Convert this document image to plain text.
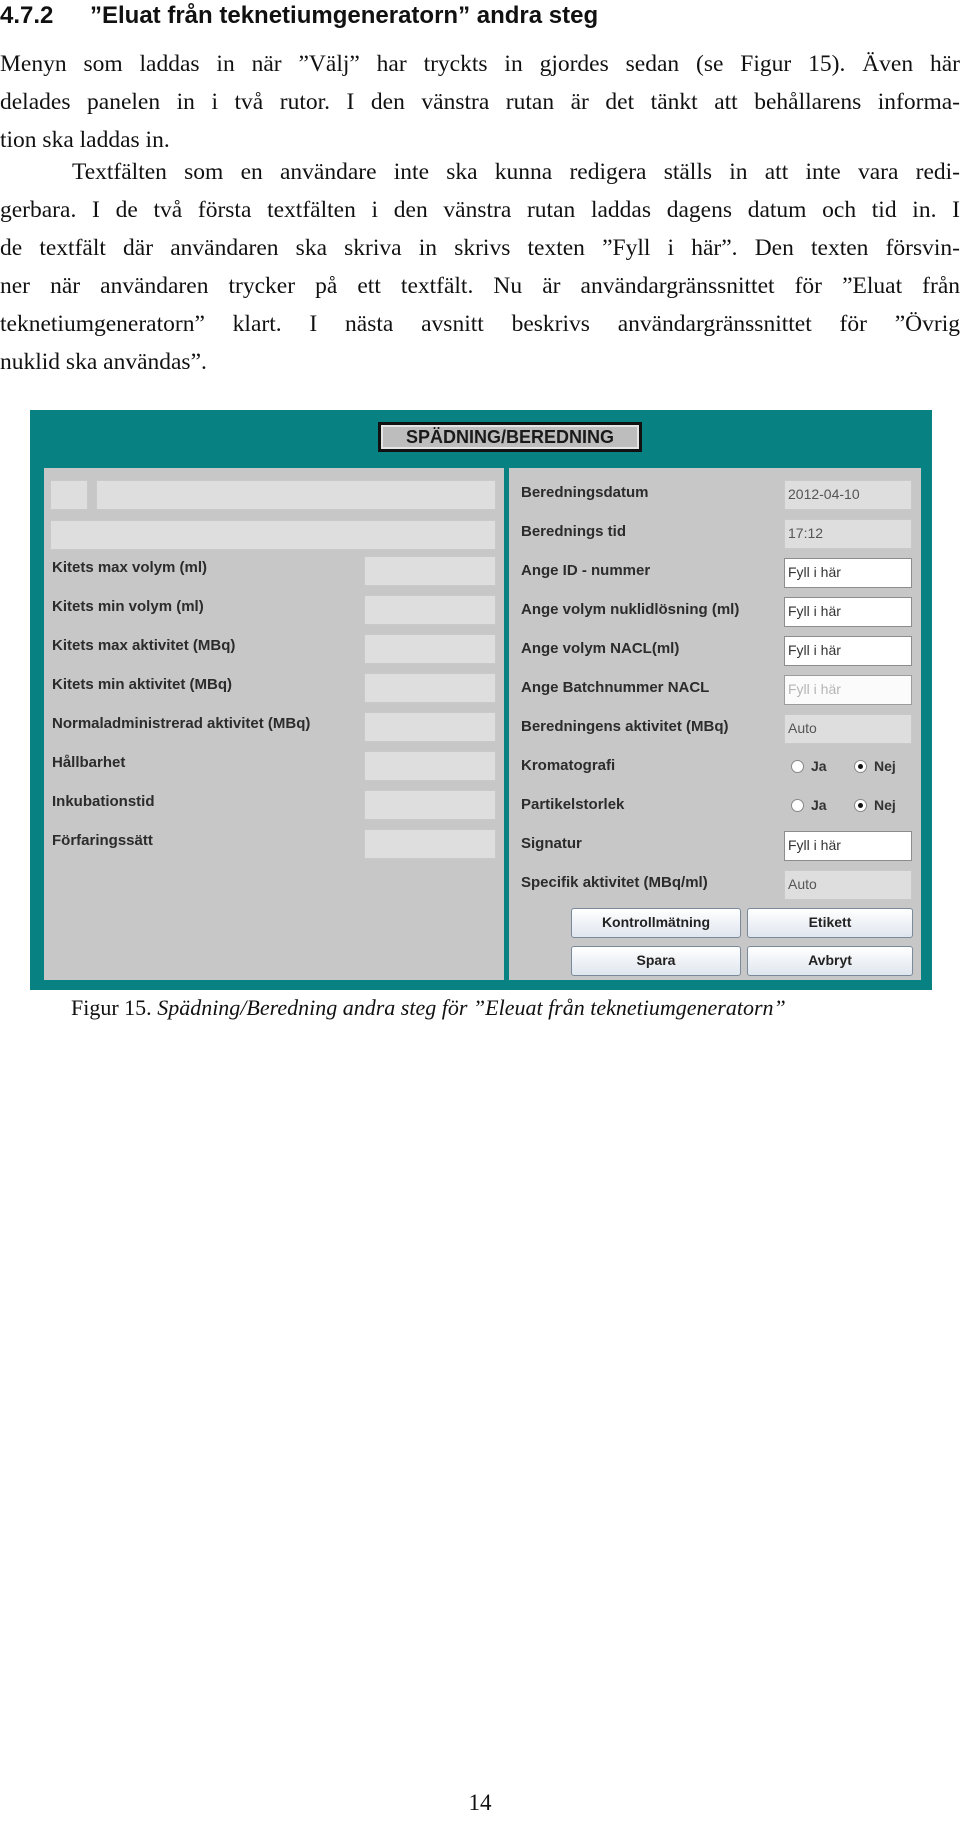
4.7.2 ”Eluat från teknetiumgeneratorn” andra steg
Menyn som laddas in när ”Välj” har tryckts in gjordes sedan (se Figur 15). Även här
delades panelen in i två rutor. I den vänstra rutan är det tänkt att behållarens informa-
tion ska laddas in.
Textfälten som en användare inte ska kunna redigera ställs in att inte vara redi-
gerbara. I de två första textfälten i den vänstra rutan laddas dagens datum och tid in. I
de textfält där användaren ska skriva in skrivs texten ”Fyll i här”. Den texten försvin-
ner när användaren trycker på ett textfält. Nu är användargränssnittet för ”Eluat från
teknetiumgeneratorn” klart. I nästa avsnitt beskrivs användargränssnittet för ”Övrig
nuklid ska användas”.
SPÄDNING/BEREDNING
Kitets max volym (ml)
Kitets min volym (ml)
Kitets max aktivitet (MBq)
Kitets min aktivitet (MBq)
Normaladministrerad aktivitet (MBq)
Hållbarhet
Inkubationstid
Förfaringssätt
Beredningsdatum	2012-04-10
Berednings tid	17:12
Ange ID - nummer	Fyll i här
Ange volym nuklidlösning (ml)	Fyll i här
Ange volym NACL(ml)	Fyll i här
Ange Batchnummer NACL	Fyll i här
Beredningens aktivitet (MBq)	Auto
Kromatografi	Ja	Nej
Partikelstorlek	Ja	Nej
Signatur	Fyll i här
Specifik aktivitet (MBq/ml)	Auto
Kontrollmätning	Etikett
Spara	Avbryt
Figur 15. Spädning/Beredning andra steg för ”Eleuat från teknetiumgeneratorn”
14
